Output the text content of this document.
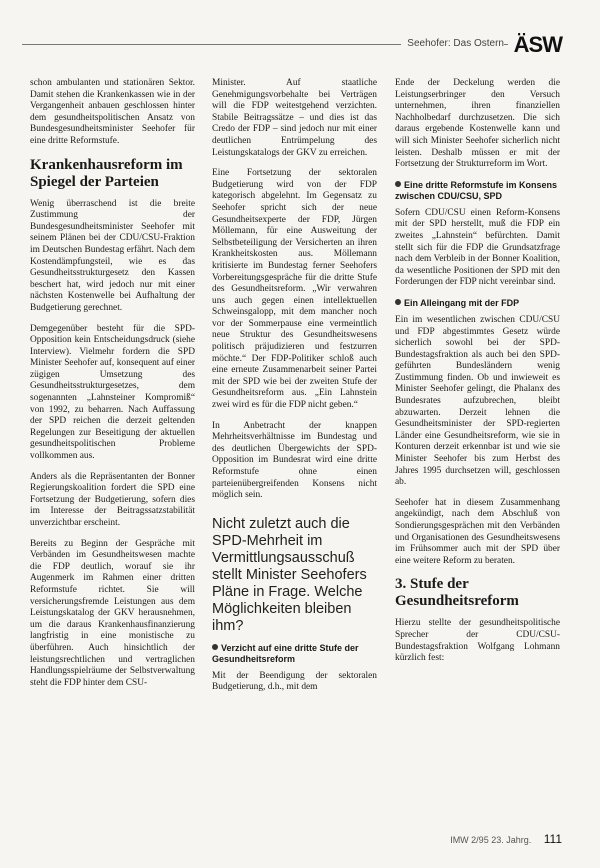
Seehofer: Das Ostern ÄSW

schon ambulanten und stationären Sektor. Damit stehen die Krankenkassen wie in der Vergangenheit anbauen geschlossen hinter dem gesundheitspolitischen Ansatz von Bundesgesundheitsminister Seehofer für eine dritte Reformstufe.

Krankenhausreform im Spiegel der Parteien

Wenig überraschend ist die breite Zustimmung der Bundesgesundheitsminister Seehofer mit seinem Plänen bei der CDU/CSU-Fraktion im Deutschen Bundestag erfährt. Nach dem Kostendämpfungsteil, wie es das Gesundheitsstrukturgesetz den Kassen beschert hat, wird jedoch nur mit einer nächsten Kostenwelle bei Aufhaltung der Budgetierung gerechnet.

Demgegenüber besteht für die SPD-Opposition kein Entscheidungsdruck (siehe Interview). Vielmehr fordern die SPD Minister Seehofer auf, konsequent auf einer zügigen Umsetzung des Gesundheitsstrukturgesetzes, dem sogenannten „Lahnsteiner Kompromiß“ von 1992, zu beharren. Nach Auffassung der SPD reichen die derzeit geltenden Regelungen zur Beseitigung der aktuellen gesundheitspolitischen Probleme vollkommen aus.

Anders als die Repräsentanten der Bonner Regierungskoalition fordert die SPD eine Fortsetzung der Budgetierung, sofern dies im Interesse der Beitragssatzstabilität unverzichtbar erscheint.

Bereits zu Beginn der Gespräche mit Verbänden im Gesundheitswesen machte die FDP deutlich, worauf sie ihr Augenmerk im Rahmen einer dritten Reformstufe richtet. Sie will versicherungsfremde Leistungen aus dem Leistungskatalog der GKV herausnehmen, um die daraus Krankenhausfinanzierung langfristig in eine monistische zu überführen. Auch hinsichtlich der leistungsrechtlichen und vertraglichen Handlungsspielräume der Selbstverwaltung steht die FDP hinter dem CSU-

Minister. Auf staatliche Genehmigungsvorbehalte bei Verträgen will die FDP weitestgehend verzichten. Stabile Beitragssätze – und dies ist das Credo der FDP – sind jedoch nur mit einer deutlichen Entrümpelung des Leistungskatalogs der GKV zu erreichen.

Eine Fortsetzung der sektoralen Budgetierung wird von der FDP kategorisch abgelehnt. Im Gegensatz zu Seehofer spricht sich der neue Gesundheitsexperte der FDP, Jürgen Möllemann, für eine Ausweitung der Selbstbeteiligung der Versicherten an ihren Krankheitskosten aus. Möllemann kritisierte im Bundestag ferner Seehofers Vorbereitungsgespräche für die dritte Stufe des Gesundheitsreform. „Wir verwahren uns auch gegen einen intellektuellen Schweinsgalopp, mit dem mancher noch vor der Sommerpause eine vermeintlich neue Struktur des Gesundheitswesens politisch präjudizieren und festzurren möchte.“ Der FDP-Politiker schloß auch eine erneute Zusammenarbeit seiner Partei mit der SPD wie bei der zweiten Stufe der Gesundheitsreform aus. „Ein Lahnstein zwei wird es für die FDP nicht geben.“

In Anbetracht der knappen Mehrheitsverhältnisse im Bundestag und des deutlichen Übergewichts der SPD-Opposition im Bundesrat wird eine dritte Reformstufe ohne einen parteienübergreifenden Konsens nicht möglich sein.

Nicht zuletzt auch die SPD-Mehrheit im Vermittlungsausschuß stellt Minister Seehofers Pläne in Frage. Welche Möglichkeiten bleiben ihm?
Verzicht auf eine dritte Stufe der Gesundheitsreform

Mit der Beendigung der sektoralen Budgetierung, d.h., mit dem

Ende der Deckelung werden die Leistungserbringer den Versuch unternehmen, ihren finanziellen Nachholbedarf durchzusetzen. Die sich daraus ergebende Kostenwelle kann und will sich Minister Seehofer sicherlich nicht leisten. Deshalb müssen er mit der Fortsetzung der Strukturreform im Wort.

Eine dritte Reformstufe im Konsens zwischen CDU/CSU, SPD

Sofern CDU/CSU einen Reform-Konsens mit der SPD herstellt, muß die FDP ein zweites „Lahnstein“ befürchten. Damit stellt sich für die FDP die Grundsatzfrage nach dem Verbleib in der Bonner Koalition, da wesentliche Positionen der SPD mit den Forderungen der FDP nicht vereinbar sind.

Ein Alleingang mit der FDP

Ein im wesentlichen zwischen CDU/CSU und FDP abgestimmtes Gesetz würde sicherlich sowohl bei der SPD-Bundestagsfraktion als auch bei den SPD-geführten Bundesländern wenig Zustimmung finden. Ob und inwieweit es Minister Seehofer gelingt, die Phalanx des Bundesrates aufzubrechen, bleibt abzuwarten. Derzeit lehnen die Gesundheitsminister der SPD-regierten Länder eine Gesundheitsreform, wie sie in Konturen derzeit erkennbar ist und wie sie Minister Seehofer bis zum Herbst des Jahres 1995 durchsetzen will, geschlossen ab.

Seehofer hat in diesem Zusammenhang angekündigt, nach dem Abschluß von Sondierungsgesprächen mit den Verbänden und Organisationen des Gesundheitswesens im Frühsommer auch mit der SPD über eine weitere Reform zu beraten.

3. Stufe der Gesundheitsreform

Hierzu stellte der gesundheitspolitische Sprecher der CDU/CSU-Bundestagsfraktion Wolfgang Lohmann kürzlich fest:

IMW 2/95 23. Jahrg. 111
